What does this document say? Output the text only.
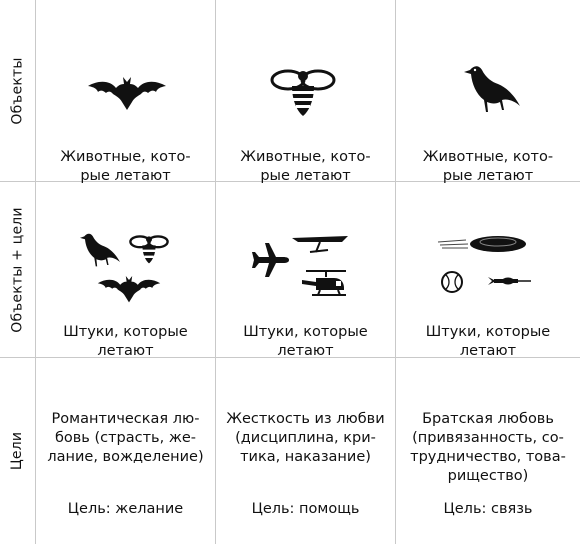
Объекты
Животные, кото-
рые летают
Животные, кото-
рые летают
Животные, кото-
рые летают
Объекты + цели	Штуки, которые
летают
Штуки, которые
летают
Штуки, которые
летают
Цели
Романтическая лю-
бовь (страсть, же-
лание, вожделение)
Цель: желание
Жесткость из любви
(дисциплина, кри-
тика, наказание)
Цель: помощь
Братская любовь
(привязанность, со-
трудничество, това-
рищество)
Цель: связь
